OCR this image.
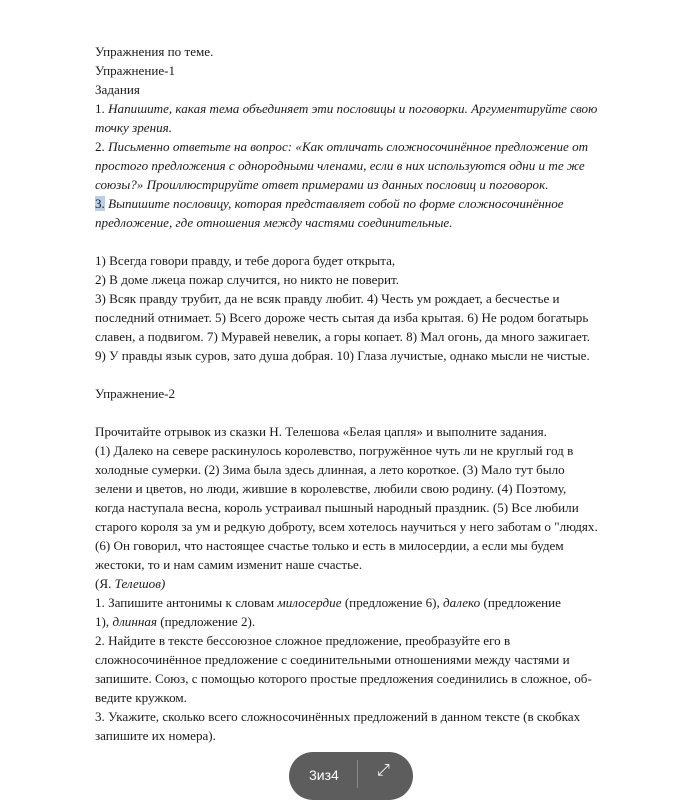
Упражнения по теме.
Упражнение-1
Задания
1. Напишите, какая тема объединяет эти пословицы и поговорки. Аргументируйте свою
точку зрения.
2. Письменно ответьте на вопрос: «Как отличать сложносочинённое предложение от
простого предложения с однородными членами, если в них используются одни и те же
союзы?» Проиллюстрируйте ответ примерами из данных пословиц и поговорок.
3. Выпишите пословицу, которая представляет собой по форме сложносочинённое
предложение, где отношения между частями соединительные.
1) Всегда говори правду, и тебе дорога будет открыта,
2) В доме лжеца пожар случится, но никто не поверит.
3) Всяк правду трубит, да не всяк правду любит. 4) Честь ум рождает, а бесчестье и
последний отнимает. 5) Всего дороже честь сытая да изба крытая. 6) Не родом богатырь
славен, а подвигом. 7) Муравей невелик, а горы копает. 8) Мал огонь, да много зажигает.
9) У правды язык суров, зато душа добрая. 10) Глаза лучистые, однако мысли не чистые.
Упражнение-2
Прочитайте отрывок из сказки Н. Телешова «Белая цапля» и выполните задания.
(1) Далеко на севере раскинулось королевство, погружённое чуть ли не круглый год в
холодные сумерки. (2) Зима была здесь длинная, а лето короткое. (3) Мало тут было
зелени и цветов, но люди, жившие в королевстве, любили свою родину. (4) Поэтому,
когда наступала весна, король устраивал пышный народный праздник. (5) Все любили
старого короля за ум и редкую доброту, всем хотелось научиться у него заботам о "людях.
(6) Он говорил, что настоящее счастье только и есть в милосердии, а если мы будем
жестоки, то и нам самим изменит наше счастье.
(Я. Телешов)
1. Запишите антонимы к словам милосердие (предложение 6), далеко (предложение
1), длинная (предложение 2).
2. Найдите в тексте бессоюзное сложное предложение, преобразуйте его в
сложносочинённое предложение с соединительными отношениями между частями и
запишите. Союз, с помощью которого простые предложения соединились в сложное, об-
ведите кружком.
3. Укажите, сколько всего сложносочинённых предложений в данном тексте (в скобках
запишите их номера).
3из4 ⤢
